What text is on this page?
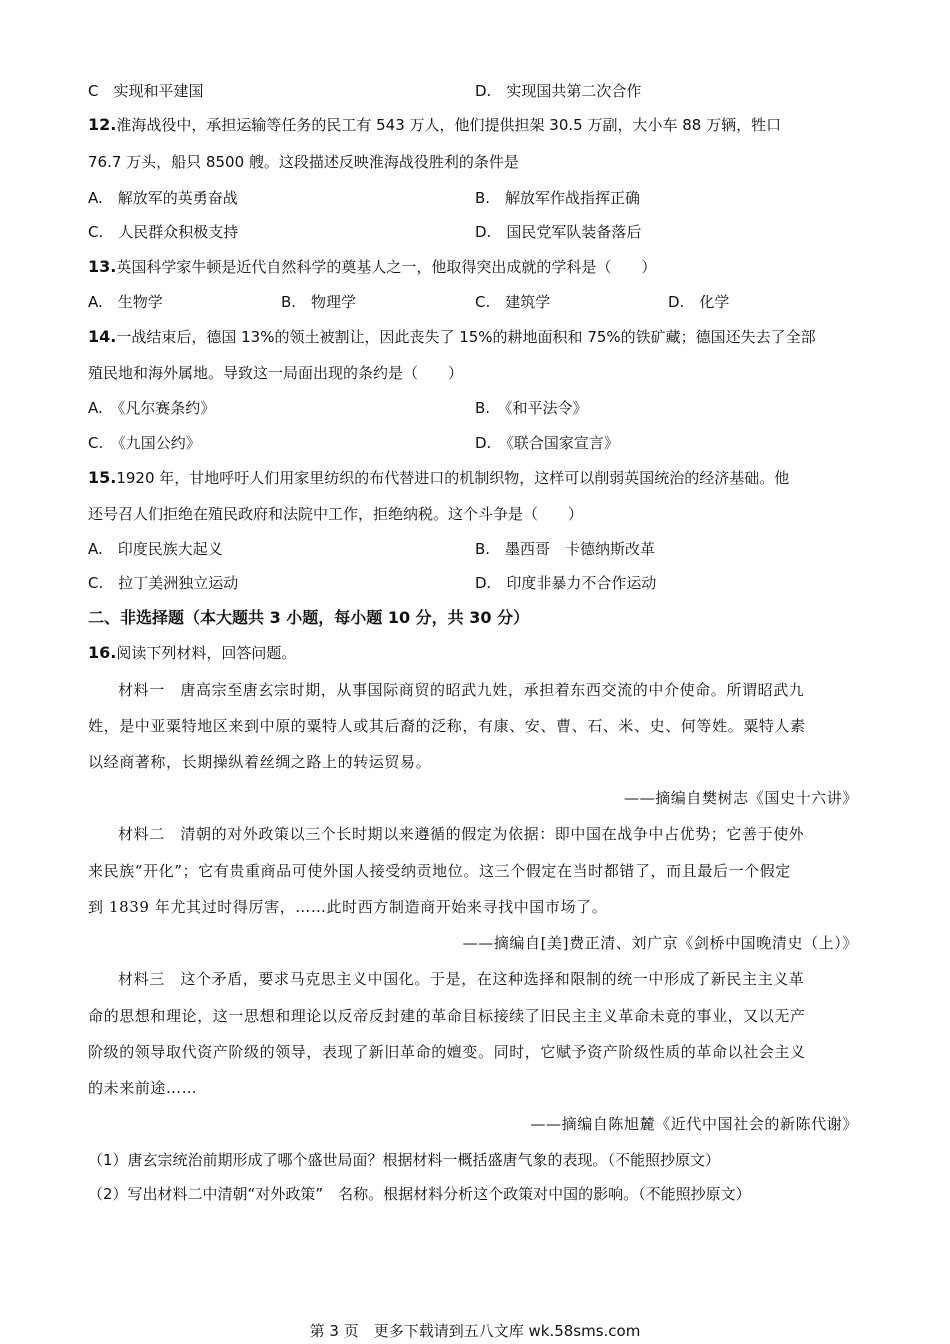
C　实现和平建国	D.　实现国共第二次合作
12.淮海战役中，承担运输等任务的民工有 543 万人，他们提供担架 30.5 万副，大小车 88 万辆，牲口
76.7 万头，船只 8500 艘。这段描述反映淮海战役胜利的条件是
A.　解放军的英勇奋战	B.　解放军作战指挥正确
C.　人民群众积极支持	D.　国民党军队装备落后
13.英国科学家牛顿是近代自然科学的奠基人之一，他取得突出成就的学科是（　　）
A.　生物学	B.　物理学	C.　建筑学	D.　化学
14.一战结束后，德国 13%的领土被割让，因此丧失了 15%的耕地面积和 75%的铁矿藏；德国还失去了全部
殖民地和海外属地。导致这一局面出现的条约是（　　）
A.　《凡尔赛条约》	B.　《和平法令》
C.　《九国公约》	D.　《联合国家宣言》
15.1920 年，甘地呼吁人们用家里纺织的布代替进口的机制织物，这样可以削弱英国统治的经济基础。他
还号召人们拒绝在殖民政府和法院中工作，拒绝纳税。这个斗争是（　　）
A.　印度民族大起义	B.　墨西哥　卡德纳斯改革
C.　拉丁美洲独立运动	D.　印度非暴力不合作运动
二、非选择题（本大题共 3 小题，每小题 10 分，共 30 分）
16.阅读下列材料，回答问题。
材料一　唐高宗至唐玄宗时期，从事国际商贸的昭武九姓，承担着东西交流的中介使命。所谓昭武九
姓，是中亚粟特地区来到中原的粟特人或其后裔的泛称，有康、安、曹、石、米、史、何等姓。粟特人素
以经商著称，长期操纵着丝绸之路上的转运贸易。
——摘编自樊树志《国史十六讲》
材料二　清朝的对外政策以三个长时期以来遵循的假定为依据：即中国在战争中占优势；它善于使外
来民族“开化”；它有贵重商品可使外国人接受纳贡地位。这三个假定在当时都错了，而且最后一个假定
到 1839 年尤其过时得厉害，……此时西方制造商开始来寻找中国市场了。
——摘编自[美]费正清、刘广京《剑桥中国晚清史（上）》
材料三　这个矛盾，要求马克思主义中国化。于是，在这种选择和限制的统一中形成了新民主主义革
命的思想和理论，这一思想和理论以反帝反封建的革命目标接续了旧民主主义革命未竟的事业，又以无产
阶级的领导取代资产阶级的领导，表现了新旧革命的嬗变。同时，它赋予资产阶级性质的革命以社会主义
的未来前途……
——摘编自陈旭麓《近代中国社会的新陈代谢》
（1）唐玄宗统治前期形成了哪个盛世局面？根据材料一概括盛唐气象的表现。（不能照抄原文）
（2）写出材料二中清朝“对外政策”　名称。根据材料分析这个政策对中国的影响。（不能照抄原文）
第 3 页　更多下载请到五八文库 wk.58sms.com
